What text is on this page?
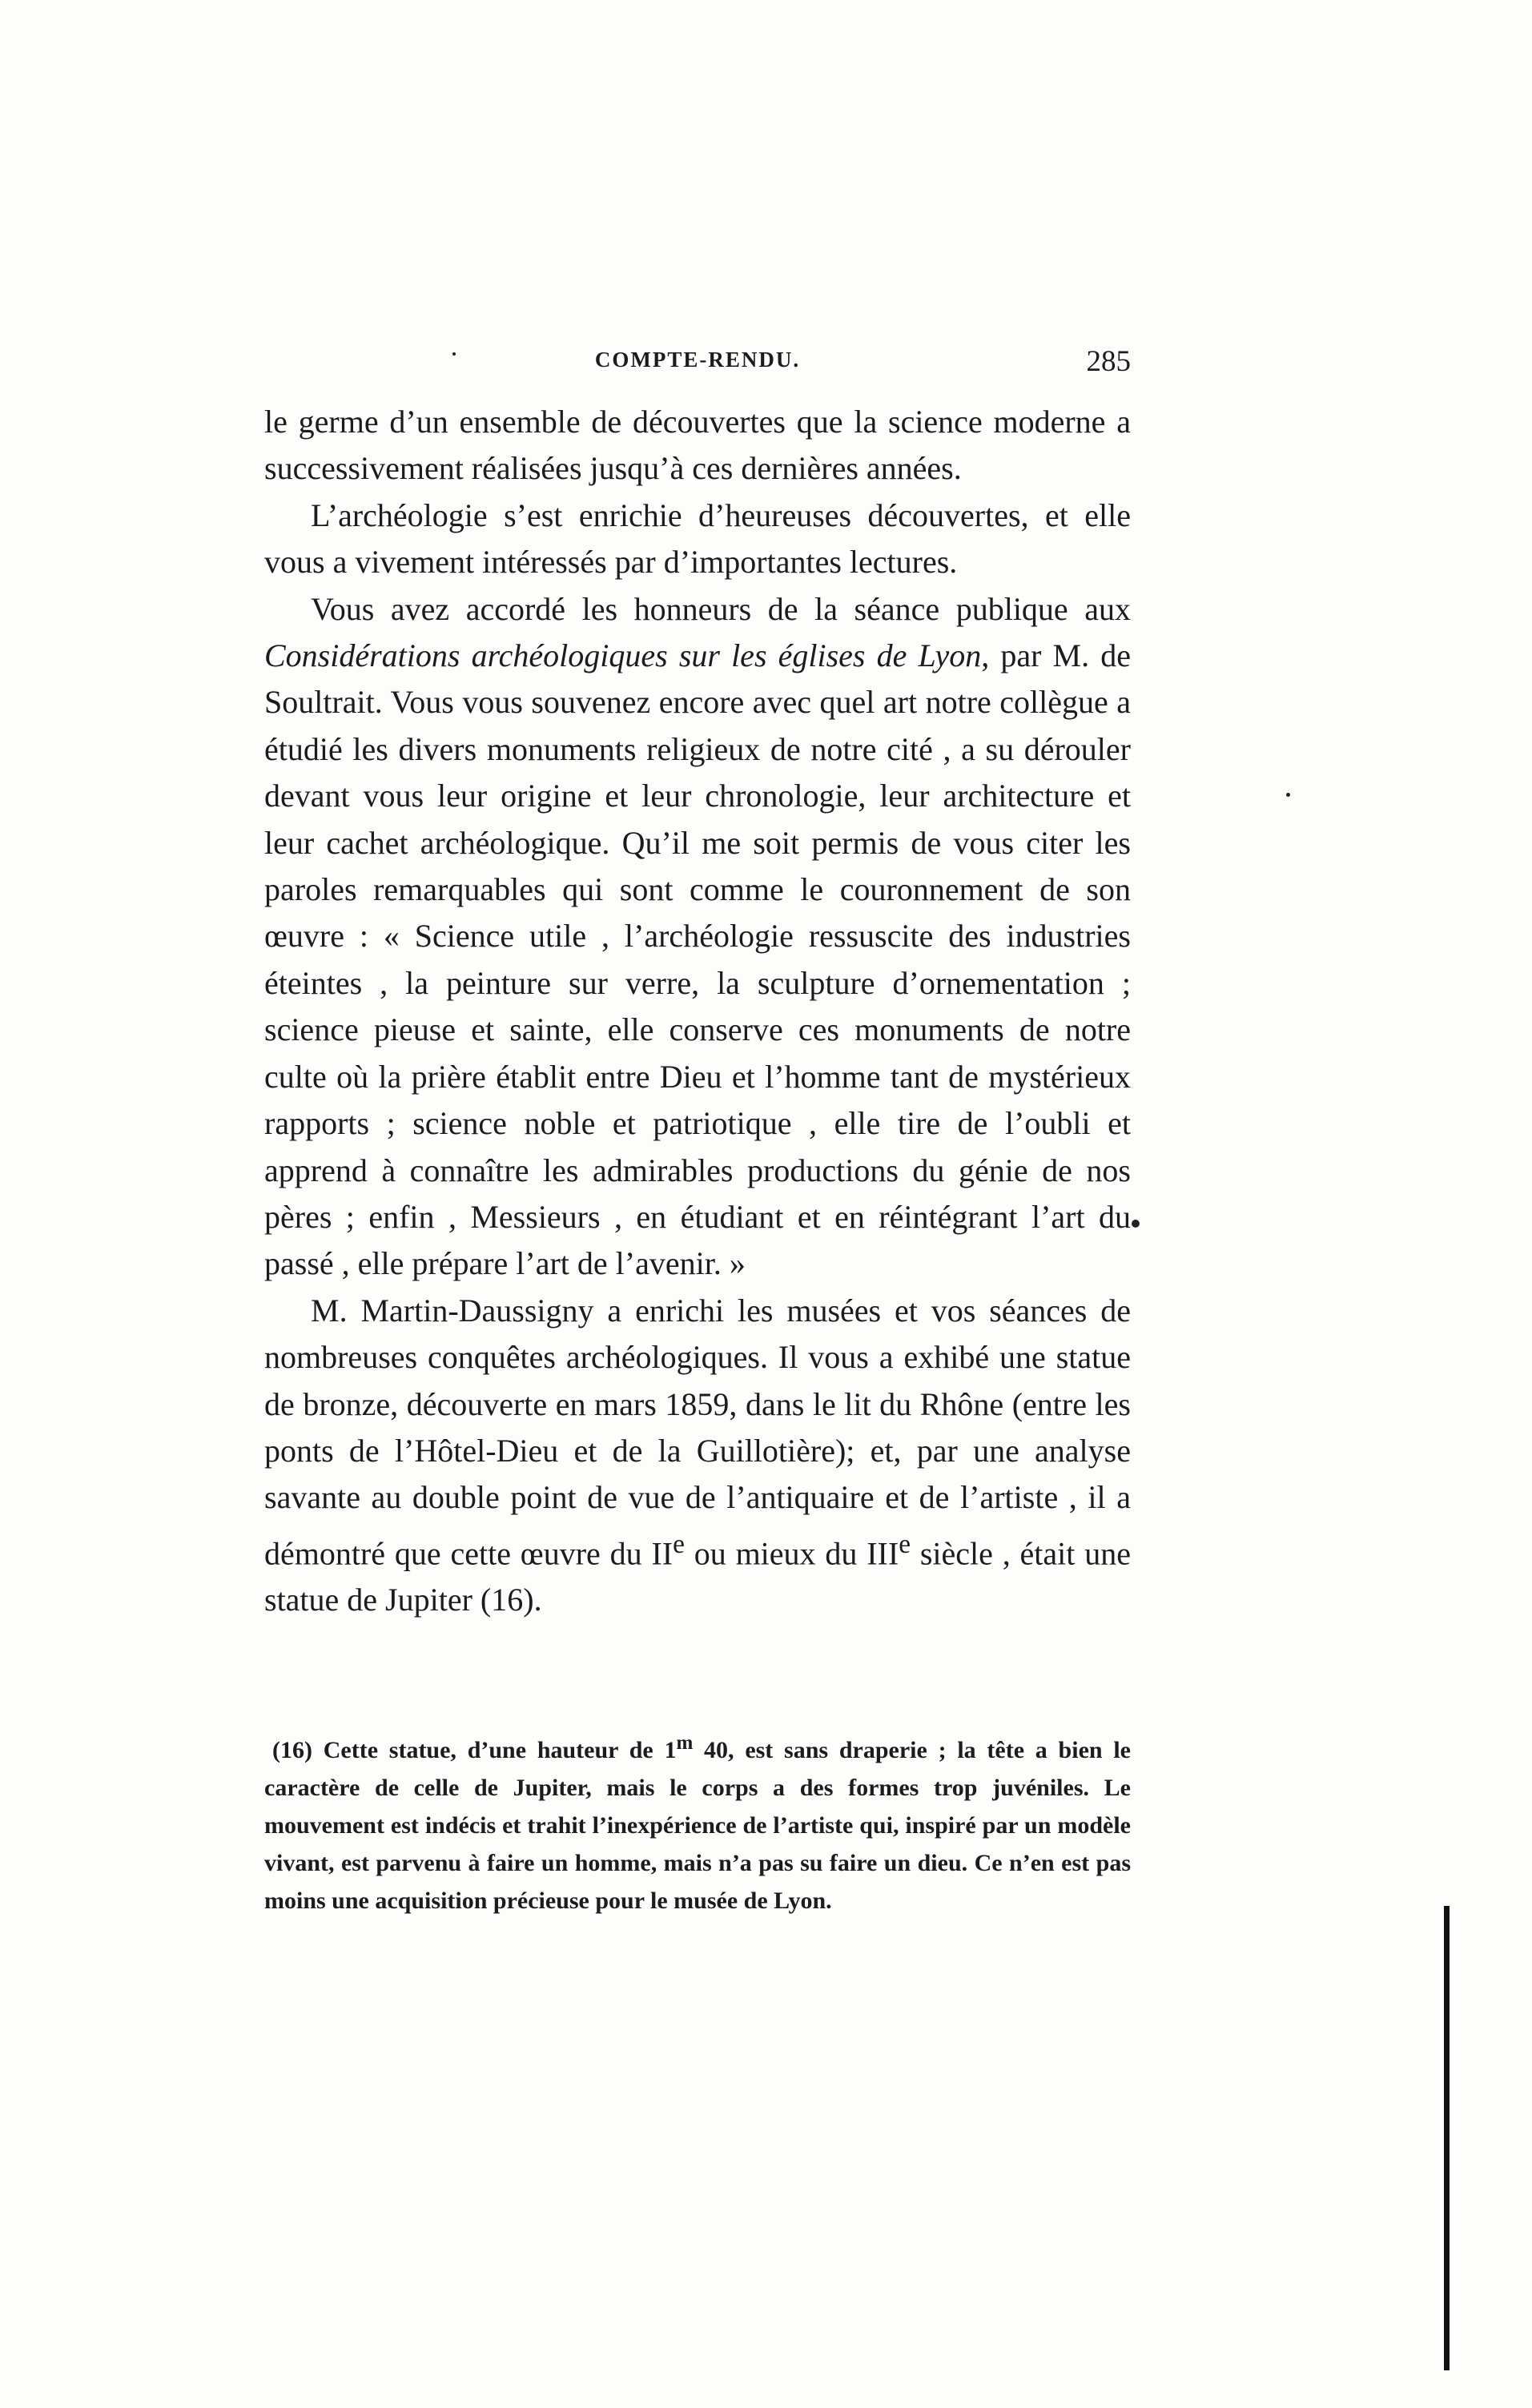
COMPTE-RENDU.	285

le germe d’un ensemble de découvertes que la science moderne a successivement réalisées jusqu’à ces dernières années.

L’archéologie s’est enrichie d’heureuses découvertes, et elle vous a vivement intéressés par d’importantes lectures.

Vous avez accordé les honneurs de la séance publique aux Considérations archéologiques sur les églises de Lyon, par M. de Soultrait. Vous vous souvenez encore avec quel art notre collègue a étudié les divers monuments religieux de notre cité , a su dérouler devant vous leur origine et leur chronologie, leur architecture et leur cachet archéologique. Qu’il me soit permis de vous citer les paroles remarquables qui sont comme le couronnement de son œuvre : « Science utile , l’archéologie ressuscite des industries éteintes , la peinture sur verre, la sculpture d’ornementation ; science pieuse et sainte, elle conserve ces monuments de notre culte où la prière établit entre Dieu et l’homme tant de mystérieux rapports ; science noble et patriotique , elle tire de l’oubli et apprend à connaître les admirables productions du génie de nos pères ; enfin , Messieurs , en étudiant et en réintégrant l’art du passé , elle prépare l’art de l’avenir. »

M. Martin-Daussigny a enrichi les musées et vos séances de nombreuses conquêtes archéologiques. Il vous a exhibé une statue de bronze, découverte en mars 1859, dans le lit du Rhône (entre les ponts de l’Hôtel-Dieu et de la Guillotière); et, par une analyse savante au double point de vue de l’antiquaire et de l’artiste , il a démontré que cette œuvre du IIe ou mieux du IIIe siècle , était une statue de Jupiter (16).

(16) Cette statue, d’une hauteur de 1$^m$ 40, est sans draperie ; la tête a bien le caractère de celle de Jupiter, mais le corps a des formes trop juvéniles. Le mouvement est indécis et trahit l’inexpérience de l’artiste qui, inspiré par un modèle vivant, est parvenu à faire un homme, mais n’a pas su faire un dieu. Ce n’en est pas moins une acquisition précieuse pour le musée de Lyon.
